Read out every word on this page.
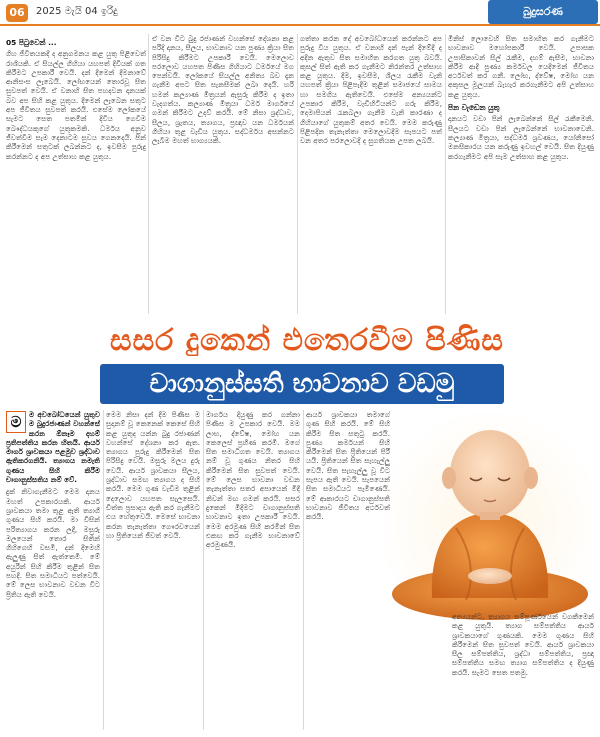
06	2025 මැයි 04 ඉරිදු	බුදුසරණ
05 පිටුවෙන් ...

ගිහ ජීවිතයකදී ද අනුගමනය කළ යුතු පිළිවෙත් රාශියකි. ඒ සියල්ල ගිහියා යහපත් දිවියක් ගත කිරීමට උපකාරී වෙයි. දන් දීමෙන් දීමනාවේ ආනිසංස ලැබෙයි. ලෝභයෙන් තොරවූ සිත සුවපත් වෙයි. ඒ වනාහි සිත පහදවන දානයක් බව අප සිහි කළ යුතුය. දීමෙන් ලැබෙන සතුට අප ජීවිතය සුවපත් කරයි. එසේම ලෝකයේ සැමට සෙත පතමින් දිවිය ගෙවීම බෞද්ධයකුගේ යුතුකමකි. ධර්මය අනුව ජීවත්වීම සැම දෙනාටම සුවය ගෙනදෙයි. පින් කිරීමෙන් සතුටක් ලබන්නට ද, ඉවසීම පුරුදු කරන්නට ද අප උත්සාහ කළ යුතුය.

ඒ වන විට බුදු රජාණන් වහන්සේ දේශනා කළ පරිදි දානය, සීලය, භාවනාව යන පුණ්‍ය ක්‍රියා සිත පිරිසිදු කිරීමට උපකාරී වෙයි. මෙලොව පරලොව යහපත පිණිස ගිහියාට ධර්මයේ මග පෙන්වයි. ලෝකයේ සියල්ල අනිත්‍ය බව දැන ගැනීම අපට සිත සැනසීමක් ලබා දෙයි. හරි හමන් කල්‍යාණ මිත්‍රයන් ඇසුරු කිරීම ද ඉතා වැදගත්ය. කල්‍යාණ මිත්‍රයා ධර්ම මාර්ගයේ ගමන් කිරීමට උදව් කරයි. මේ නිසා ශ්‍රද්ධාව, සීලය, ශ්‍රැතය, ත්‍යාගය, ප්‍රඥාව යන ධර්මයන් ගිහියා තුළ වැඩිය යුතුය. සද්ධර්මය අසන්නට ලැබීම මහත් භාග්‍යයකි.

ගත්තා කරන දේ අවබෝධයෙන් කරන්නට අප පුරුදු විය යුතුය. ඒ වනාහි දන් පැන් දීමේදී ද අදීන ඇතුව සිත සමාහිත කරගත යුතු බවයි. කුසල් සිත් ඇති කර ගැනීමට නිරන්තර උත්සාහ කළ යුතුය. දීම, ඉවසීම, ශීලය රැකීම වැනි යහපත් ක්‍රියා පිළිපැදීම තුළින් සමාජයේ සාමය හා සමගිය ඇතිවෙයි. එසේම අන්‍යයන්ට උපකාර කිරීම, වැඩිහිටියන්ට ගරු කිරීම, දෙමාපියන් රැකබලා ගැනීම වැනි කාරණා ද ගිහියාගේ යුතුකම් අතර වෙයි. මෙම කරුණු පිළිපදින තැනැත්තා මෙලොවදීම සැපයට පත් වන අතර පරලොවදී ද සුගතියක උපත ලබයි.

මිනිස් ලොවෙහි සිත සමාහිත කර ගැනීමට භාවනාව මහෝපකාරී වෙයි. උපාසක උපාසිකාවන් සිල් රැකීම, දහම් ඇසීම, භාවනා කිරීම ආදී පුණ්‍ය කර්මවල යෙදීමෙන් ජීවිතය අර්ථවත් කර ගනී. ලෝභ, ද්වේෂ, මෝහ යන අකුසල මූලයන් බැහැර කරගැනීමට අපි උත්සාහ කළ යුතුය.

පින වැඩෙන යුතු

දානයට වඩා පින් ලැබෙන්නේ සිල් රැකීමෙනි. සීලයට වඩා පින් ලැබෙන්නේ භාවනාවෙනි. කල්‍යාණ මිත්‍රයා, සද්ධර්ම ශ්‍රවණය, යෝනිසෝ මනසිකාරය යන කරුණු ඉවහල් වෙයි. සිත දියුණු කරගැනීමට අපි සැම උත්සාහ කළ යුතුය.

සසර දුකෙන් එතෙරවීම පිණිස
චාගානුස්සති භාවනාව වඩමු
ම	ම අවබෝධයෙන් යුතුව ම බුදුරජාණන් වහන්සේ කරන ඕනෑම දහම් ප්‍රතිපත්තිය කරන හිතයි. ආර්ය මාර්ග ශ්‍රාවකයා පළමුව ශ්‍රද්ධාව ඇතිකරගනියි. ත්‍යාගය නමැති ගුණය සිහි කිරීම චාගානුස්සතිය නම් වේ.

දුක් නිවාගැනීමට මෙම දානය මහත් උපකාරයකි. ආර්ය ශ්‍රාවකයා තමා තුළ ඇති ත්‍යාගී ගුණය සිහි කරයි. මා විසින් පරිත්‍යාගය කරන ලදී, මසුරු මලයෙන් තොර සිතින් ගිහිගෙහි වසමි, දන් දීමෙහි ඇලුණු සිත් ඇත්තෙමි. මේ අයුරින් සිහි කිරීම තුළින් සිත පහදී. සිත සමාධියට පත්වෙයි. මේ ලෙස භාවනාව වඩන විට ප්‍රීතිය ඇති වෙයි.

මෙම නිසා දන් දීම පිණිස ම සුදානම් වූ කෙනෙක් කෙසේ සිහි කළ යුතුද යන්න බුදු රජාණන් වහන්සේ දේශනා කර ඇත. ත්‍යාගය පුරුදු කිරීමෙන් සිත පිරිසිදු වෙයි. මසුරු මලය දුරු වෙයි. ආර්ය ශ්‍රාවකයා සීලය, ශ්‍රද්ධාව සමඟ ත්‍යාගය ද සිහි කරයි. මෙම ගුණ වැඩීම තුළින් දෙලොව යහපත සැලසෙයි. චිත්ත ප්‍රසාදය ඇති කර ගැනීමට එය හේතුවෙයි. මෙසේ භාවනා කරන තැනැත්තා ගෞරවයෙන් හා ප්‍රීතියෙන් ජීවත් වෙයි.

මාර්ගය දියුණු කර ගන්නා පිණිස ම උපකාර වෙයි. මම ලාභ, ද්වේෂ, මෝහ යන කෙලෙස් ප්‍රහීණ කරමි. මගේ සිත සමාධිගත වෙයි. ත්‍යාගය නම් වූ ගුණය නිතර සිහි කිරීමෙන් සිත සුවපත් වෙයි. මේ ලෙස භාවනා වඩන තැනැත්තා සතර අපායෙන් මිදී නිවන් මඟ ගමන් කරයි. සසර දුකෙන් මිදීමට චාගානුස්සති භාවනාව ඉතා උපකාරී වෙයි. මෙම අරමුණ සිහි කරමින් සිත එකඟ කර ගැනීම භාවනාවේ අරමුණයි.

ආර්ය ශ්‍රාවකයා තමාගේ ගුණ සිහි කරයි. මේ සිහි කිරීම සිත සතුටු කරයි. පුණ්‍ය කර්මයන් සිහි කිරීමෙන් සිත ප්‍රීතියෙන් පිරී යයි. ප්‍රීතියෙන් සිත සැහැල්ලු වෙයි. සිත සැහැල්ලු වූ විට සැපය ඇති වෙයි. සැපයෙන් සිත සමාධියට පැමිණෙයි. මේ ආකාරයට චාගානුස්සති භාවනාව ජීවිතය අර්ථවත් කරයි.

අන්‍යයන්ට, ත්‍යාගය සම්පූර්ණයෙන් වගකීමෙන් කළ යුතුයි. ත්‍යාග සම්පත්තිය ආර්ය ශ්‍රාවකයාගේ ගුණයකි. මෙම ගුණය සිහි කිරීමෙන් සිත සුවපත් වෙයි. ආර්ය ශ්‍රාවකයා සීල සම්පත්තිය, ශ්‍රද්ධා සම්පත්තිය, ප්‍රඥා සම්පත්තිය සමඟ ත්‍යාග සම්පත්තිය ද දියුණු කරයි. සැමට සෙත පතමු.
